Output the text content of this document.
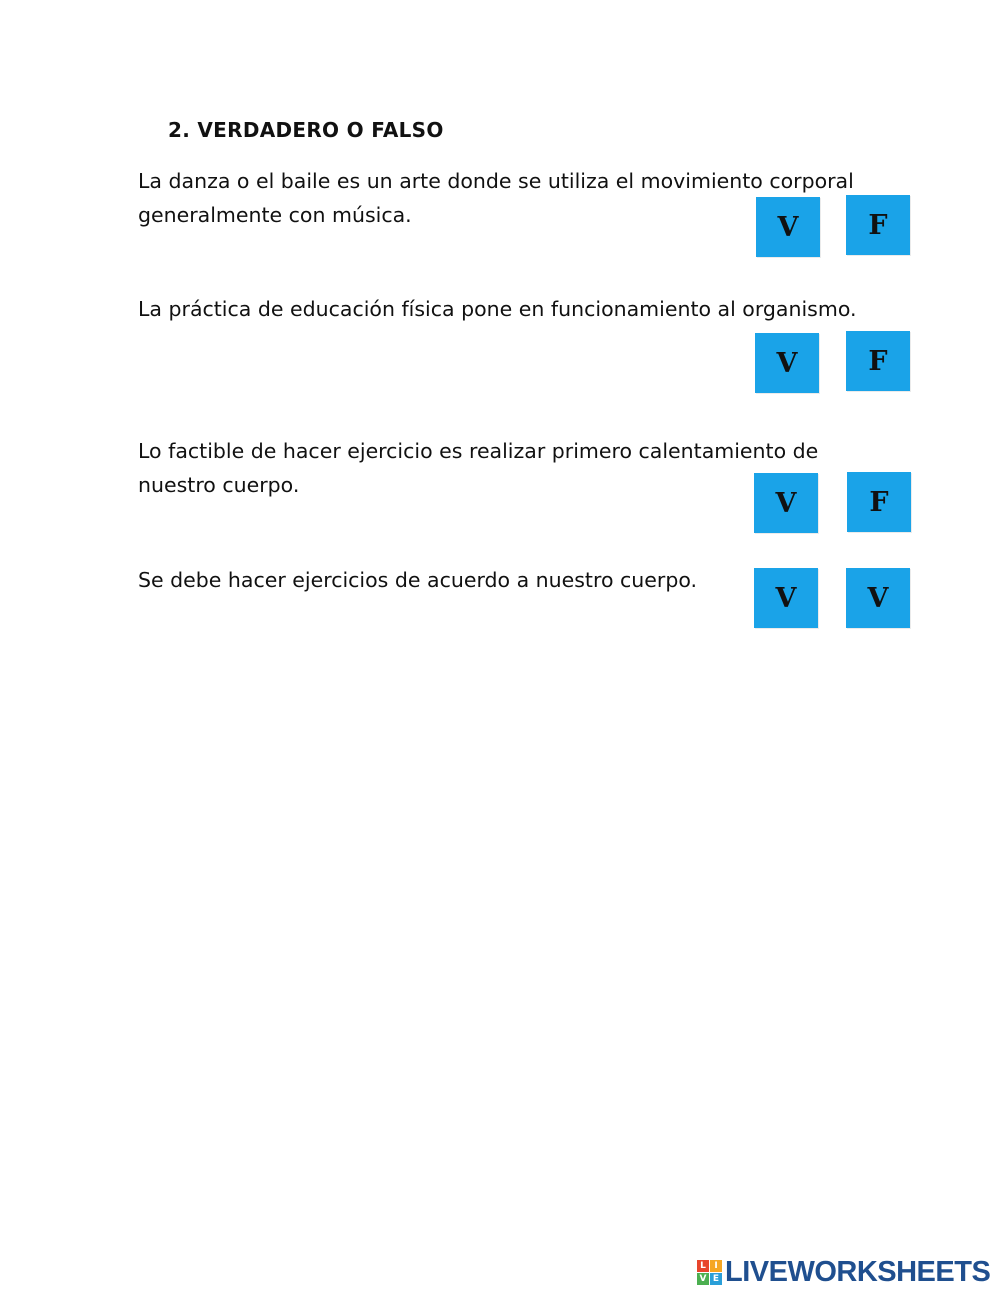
2. VERDADERO O FALSO
La danza o el baile es un arte donde se utiliza el movimiento corporal
generalmente con música.	V	F
La práctica de educación física pone en funcionamiento al organismo.
V	F
Lo factible de hacer ejercicio es realizar primero calentamiento de
nuestro cuerpo.
V	F
Se debe hacer ejercicios de acuerdo a nuestro cuerpo.
V	V
L I
V E LIVEWORKSHEETS
